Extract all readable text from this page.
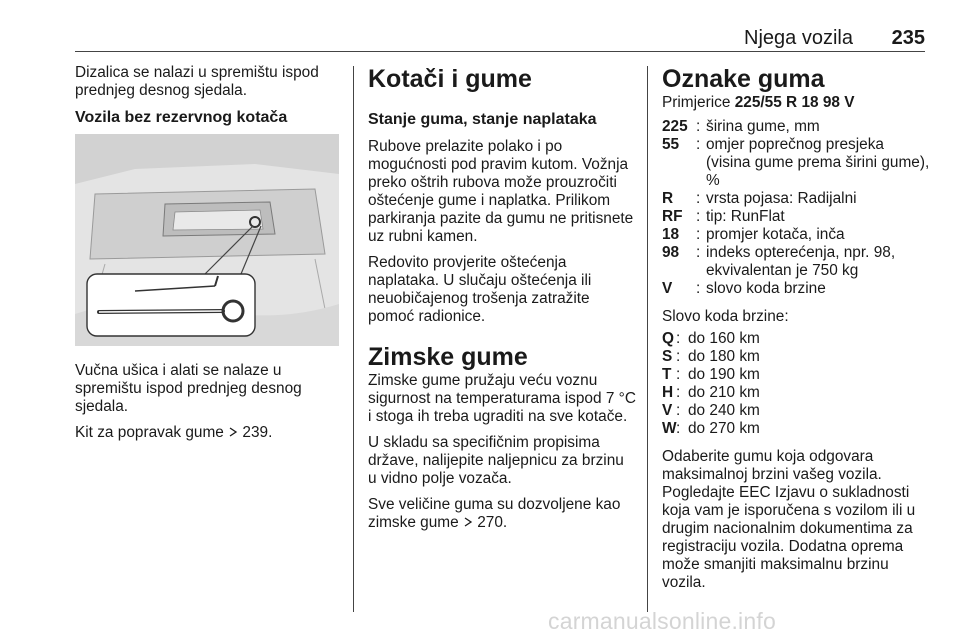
Njega vozila 235

Dizalica se nalazi u spremištu ispod prednjeg desnog sjedala.

Vozila bez rezervnog kotača

Vučna ušica i alati se nalaze u spremištu ispod prednjeg desnog sjedala.

Kit za popravak gume 239.

Kotači i gume
Stanje guma, stanje naplataka

Rubove prelazite polako i po mogućnosti pod pravim kutom. Vožnja preko oštrih rubova može prouzročiti oštećenje gume i naplatka. Prilikom parkiranja pazite da gumu ne pritisnete uz rubni kamen.

Redovito provjerite oštećenja naplataka. U slučaju oštećenja ili neuobičajenog trošenja zatražite pomoć radionice.

Zimske gume

Zimske gume pružaju veću voznu sigurnost na temperaturama ispod 7 °C i stoga ih treba ugraditi na sve kotače.

U skladu sa specifičnim propisima države, nalijepite naljepnicu za brzinu u vidno polje vozača.

Sve veličine guma su dozvoljene kao zimske gume 270.

Oznake guma

Primjerice 225/55 R 18 98 V

225 : širina gume, mm
55	: omjer poprečnog presjeka (visina gume prema širini gume), %
R	: vrsta pojasa: Radijalni
RF : tip: RunFlat
18	: promjer kotača, inča
98	: indeks opterećenja, npr. 98, ekvivalentan je 750 kg
V	: slovo koda brzine

Slovo koda brzine:

Q : do 160 km
S : do 180 km
T : do 190 km
H : do 210 km
V : do 240 km
W : do 270 km

Odaberite gumu koja odgovara maksimalnoj brzini vašeg vozila. Pogledajte EEC Izjavu o sukladnosti koja vam je isporučena s vozilom ili u drugim nacionalnim dokumentima za registraciju vozila. Dodatna oprema može smanjiti maksimalnu brzinu vozila.

carmanualsonline.info
